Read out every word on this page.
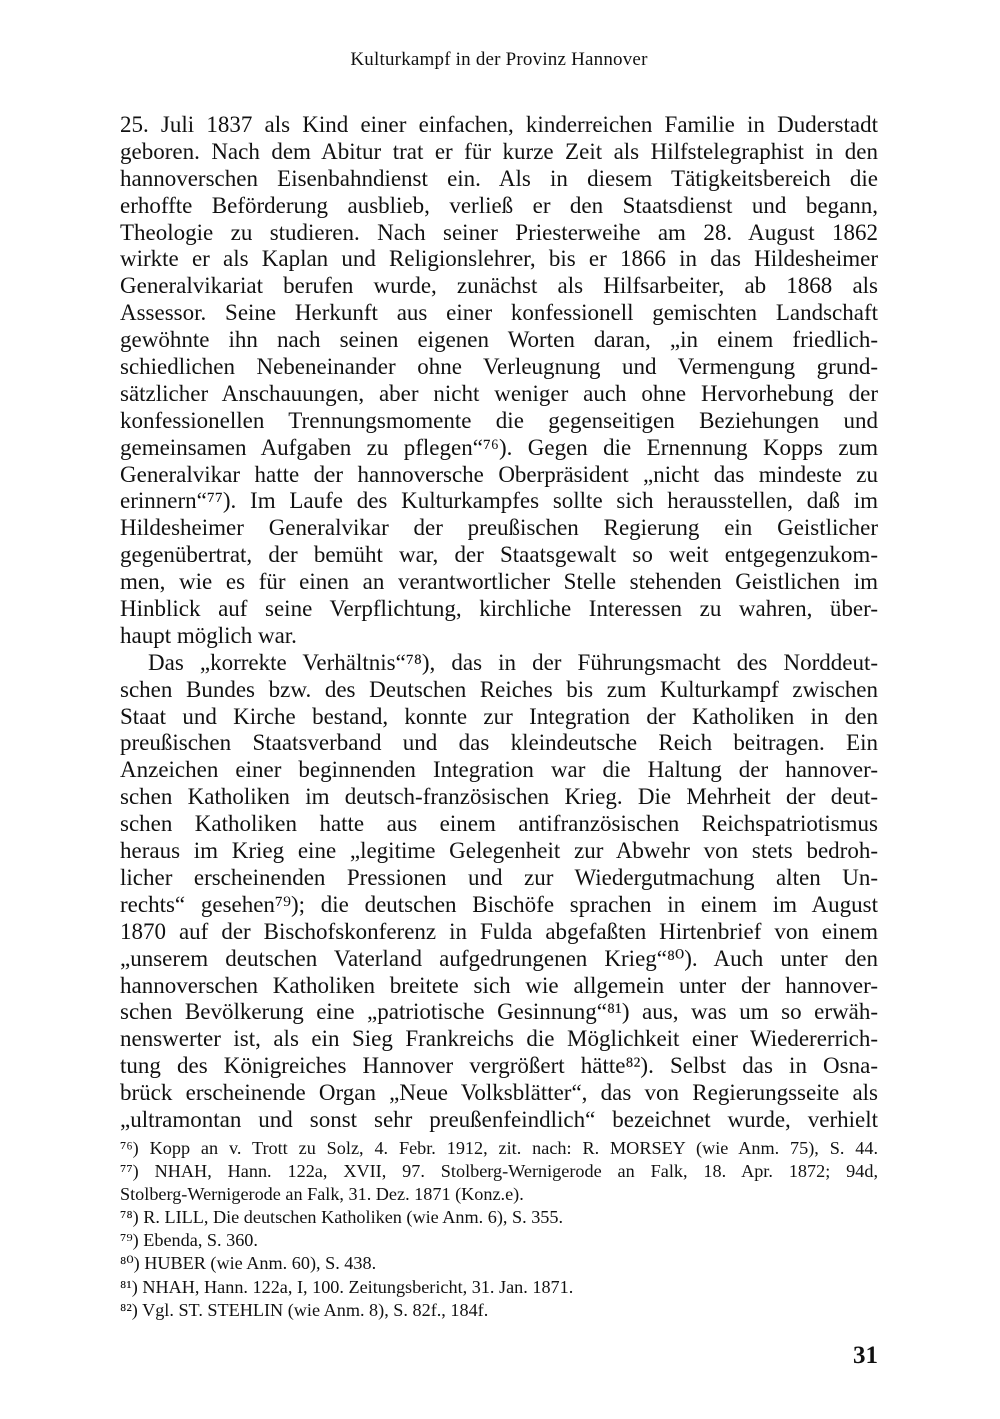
Kulturkampf in der Provinz Hannover
25. Juli 1837 als Kind einer einfachen, kinderreichen Familie in Duderstadt
geboren. Nach dem Abitur trat er für kurze Zeit als Hilfstelegraphist in den
hannoverschen Eisenbahndienst ein. Als in diesem Tätigkeitsbereich die
erhoffte Beförderung ausblieb, verließ er den Staatsdienst und begann,
Theologie zu studieren. Nach seiner Priesterweihe am 28. August 1862
wirkte er als Kaplan und Religionslehrer, bis er 1866 in das Hildesheimer
Generalvikariat berufen wurde, zunächst als Hilfsarbeiter, ab 1868 als
Assessor. Seine Herkunft aus einer konfessionell gemischten Landschaft
gewöhnte ihn nach seinen eigenen Worten daran, „in einem friedlich-
schiedlichen Nebeneinander ohne Verleugnung und Vermengung grund-
sätzlicher Anschauungen, aber nicht weniger auch ohne Hervorhebung der
konfessionellen Trennungsmomente die gegenseitigen Beziehungen und
gemeinsamen Aufgaben zu pflegen“⁷⁶). Gegen die Ernennung Kopps zum
Generalvikar hatte der hannoversche Oberpräsident „nicht das mindeste zu
erinnern“⁷⁷). Im Laufe des Kulturkampfes sollte sich herausstellen, daß im
Hildesheimer Generalvikar der preußischen Regierung ein Geistlicher
gegenübertrat, der bemüht war, der Staatsgewalt so weit entgegenzukom-
men, wie es für einen an verantwortlicher Stelle stehenden Geistlichen im
Hinblick auf seine Verpflichtung, kirchliche Interessen zu wahren, über-
haupt möglich war.
Das „korrekte Verhältnis“⁷⁸), das in der Führungsmacht des Norddeut-
schen Bundes bzw. des Deutschen Reiches bis zum Kulturkampf zwischen
Staat und Kirche bestand, konnte zur Integration der Katholiken in den
preußischen Staatsverband und das kleindeutsche Reich beitragen. Ein
Anzeichen einer beginnenden Integration war die Haltung der hannover-
schen Katholiken im deutsch-französischen Krieg. Die Mehrheit der deut-
schen Katholiken hatte aus einem antifranzösischen Reichspatriotismus
heraus im Krieg eine „legitime Gelegenheit zur Abwehr von stets bedroh-
licher erscheinenden Pressionen und zur Wiedergutmachung alten Un-
rechts“ gesehen⁷⁹); die deutschen Bischöfe sprachen in einem im August
1870 auf der Bischofskonferenz in Fulda abgefaßten Hirtenbrief von einem
„unserem deutschen Vaterland aufgedrungenen Krieg“⁸⁰). Auch unter den
hannoverschen Katholiken breitete sich wie allgemein unter der hannover-
schen Bevölkerung eine „patriotische Gesinnung“⁸¹) aus, was um so erwäh-
nenswerter ist, als ein Sieg Frankreichs die Möglichkeit einer Wiedererrich-
tung des Königreiches Hannover vergrößert hätte⁸²). Selbst das in Osna-
brück erscheinende Organ „Neue Volksblätter“, das von Regierungsseite als
„ultramontan und sonst sehr preußenfeindlich“ bezeichnet wurde, verhielt
⁷⁶) Kopp an v. Trott zu Solz, 4. Febr. 1912, zit. nach: R. MORSEY (wie Anm. 75), S. 44.
⁷⁷) NHAH, Hann. 122a, XVII, 97. Stolberg-Wernigerode an Falk, 18. Apr. 1872; 94d,
Stolberg-Wernigerode an Falk, 31. Dez. 1871 (Konz.e).
⁷⁸) R. LILL, Die deutschen Katholiken (wie Anm. 6), S. 355.
⁷⁹) Ebenda, S. 360.
⁸⁰) HUBER (wie Anm. 60), S. 438.
⁸¹) NHAH, Hann. 122a, I, 100. Zeitungsbericht, 31. Jan. 1871.
⁸²) Vgl. ST. STEHLIN (wie Anm. 8), S. 82f., 184f.
31
